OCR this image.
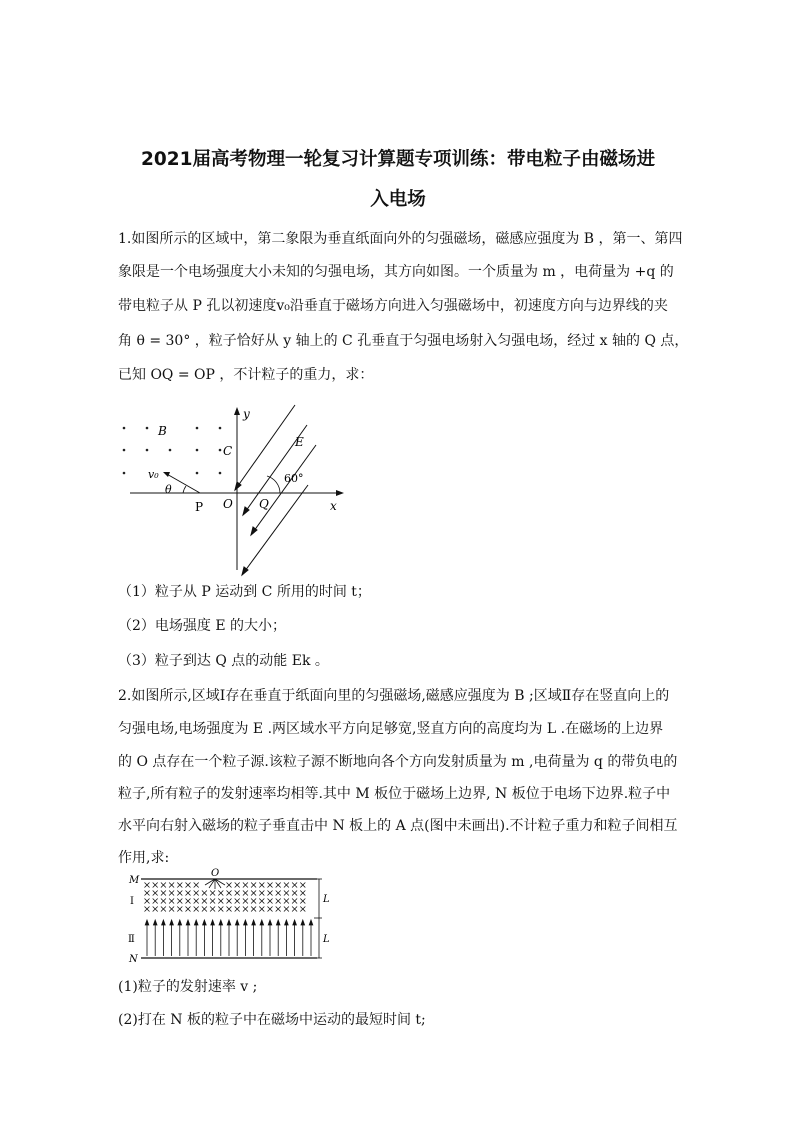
2021届高考物理一轮复习计算题专项训练：带电粒子由磁场进
入电场
1.如图所示的区域中，第二象限为垂直纸面向外的匀强磁场，磁感应强度为 B ，第一、第四
象限是一个电场强度大小未知的匀强电场，其方向如图。一个质量为 m ，电荷量为 +q 的
带电粒子从 P 孔以初速度v₀沿垂直于磁场方向进入匀强磁场中，初速度方向与边界线的夹
角 θ = 30° ，粒子恰好从 y 轴上的 C 孔垂直于匀强电场射入匀强电场，经过 x 轴的 Q 点，
已知 OQ = OP ，不计粒子的重力，求：
B
y
C
E
v₀
θ
P O Q
60°
x
（1）粒子从 P 运动到 C 所用的时间 t；
（2）电场强度 E 的大小；
（3）粒子到达 Q 点的动能 Ek 。
2.如图所示,区域Ⅰ存在垂直于纸面向里的匀强磁场,磁感应强度为 B ;区域Ⅱ存在竖直向上的
匀强电场,电场强度为 E .两区域水平方向足够宽,竖直方向的高度均为 L .在磁场的上边界
的 O 点存在一个粒子源.该粒子源不断地向各个方向发射质量为 m ,电荷量为 q 的带负电的
粒子,所有粒子的发射速率均相等.其中 M 板位于磁场上边界, N 板位于电场下边界.粒子中
水平向右射入磁场的粒子垂直击中 N 板上的 A 点(图中未画出).不计粒子重力和粒子间相互
作用,求:
M
N
O
Ⅰ
Ⅱ
L
L
(1)粒子的发射速率 v ;
(2)打在 N 板的粒子中在磁场中运动的最短时间 t;
